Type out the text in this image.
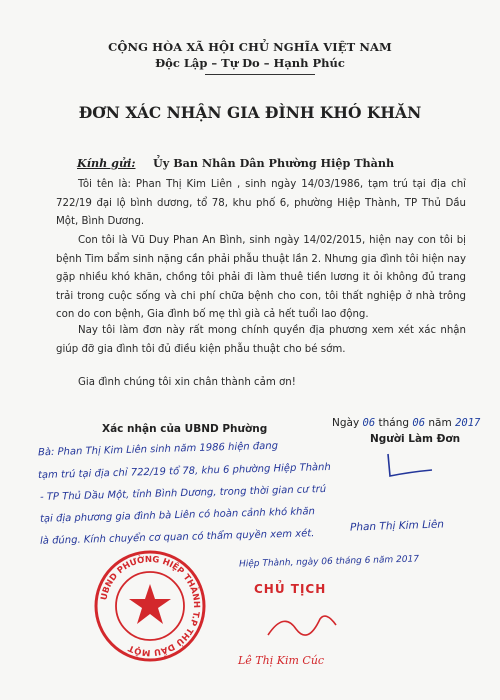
CỘNG HÒA XÃ HỘI CHỦ NGHĨA VIỆT NAM
Độc Lập – Tự Do – Hạnh Phúc
ĐƠN XÁC NHẬN GIA ĐÌNH KHÓ KHĂN
Kính gửi: Ủy Ban Nhân Dân Phường Hiệp Thành
Tôi tên là: Phan Thị Kim Liên , sinh ngày 14/03/1986, tạm trú tại địa chỉ 722/19 đại lộ bình dương, tổ 78, khu phố 6, phường Hiệp Thành, TP Thủ Dầu Một, Bình Dương.
Con tôi là Vũ Duy Phan An Bình, sinh ngày 14/02/2015, hiện nay con tôi bị bệnh Tim bẩm sinh nặng cần phải phẫu thuật lần 2. Nhưng gia đình tôi hiện nay gặp nhiều khó khăn, chồng tôi phải đi làm thuê tiền lương it ỏi không đủ trang trải trong cuộc sống và chi phí chữa bệnh cho con, tôi thất nghiệp ở nhà trông con do con bệnh, Gia đình bố mẹ thì già cả hết tuổi lao động.
Nay tôi làm đơn này rất mong chính quyền địa phương xem xét xác nhận giúp đỡ gia đình tôi đủ điều kiện phẫu thuật cho bé sớm.
Gia đình chúng tôi xin chân thành cảm ơn!
Xác nhận của UBND Phường	Ngày 06 tháng 06 năm 2017
Người Làm Đơn
Phan Thị Kim Liên
Bà: Phan Thị Kim Liên sinh năm 1986 hiện đang
tạm trú tại địa chỉ 722/19 tổ 78, khu 6 phường Hiệp Thành
- TP Thủ Dầu Một, tỉnh Bình Dương, trong thời gian cư trú
tại địa phương gia đình bà Liên có hoàn cảnh khó khăn
là đúng. Kính chuyển cơ quan có thẩm quyền xem xét.
Hiệp Thành, ngày 06 tháng 6 năm 2017
UBND PHƯỜNG HIỆP THÀNH T.P THỦ DẦU MỘT
CHỦ TỊCH
Lê Thị Kim Cúc
